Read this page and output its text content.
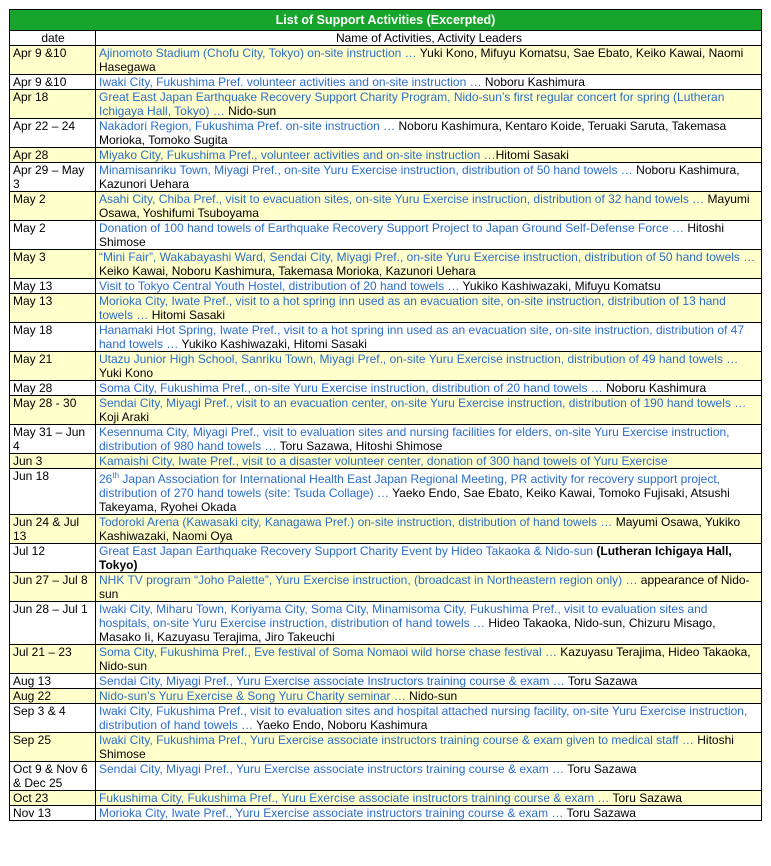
List of Support Activities (Excerpted)	
date	Name of Activities, Activity Leaders
Apr 9 &10	Ajinomoto Stadium (Chofu City, Tokyo) on-site instruction … Yuki Kono, Mifuyu Komatsu, Sae Ebato, Keiko Kawai, Naomi Hasegawa
Apr 9 &10	Iwaki City, Fukushima Pref. volunteer activities and on-site instruction … Noboru Kashimura
Apr 18	Great East Japan Earthquake Recovery Support Charity Program, Nido-sun’s first regular concert for spring (Lutheran Ichigaya Hall, Tokyo) … Nido-sun
Apr 22 – 24	Nakadori Region, Fukushima Pref. on-site instruction … Noboru Kashimura, Kentaro Koide, Teruaki Saruta, Takemasa Morioka, Tomoko Sugita
Apr 28	Miyako City, Fukushima Pref., volunteer activities and on-site instruction …Hitomi Sasaki
Apr 29 – May 3	Minamisanriku Town, Miyagi Pref., on-site Yuru Exercise instruction, distribution of 50 hand towels … Noboru Kashimura, Kazunori Uehara
May 2	Asahi City, Chiba Pref., visit to evacuation sites, on-site Yuru Exercise instruction, distribution of 32 hand towels … Mayumi Osawa, Yoshifumi Tsuboyama
May 2	Donation of 100 hand towels of Earthquake Recovery Support Project to Japan Ground Self-Defense Force … Hitoshi Shimose
May 3	“Mini Fair”, Wakabayashi Ward, Sendai City, Miyagi Pref., on-site Yuru Exercise instruction, distribution of 50 hand towels … Keiko Kawai, Noboru Kashimura, Takemasa Morioka, Kazunori Uehara
May 13	Visit to Tokyo Central Youth Hostel, distribution of 20 hand towels … Yukiko Kashiwazaki, Mifuyu Komatsu
May 13	Morioka City, Iwate Pref., visit to a hot spring inn used as an evacuation site, on-site instruction, distribution of 13 hand towels … Hitomi Sasaki
May 18	Hanamaki Hot Spring, Iwate Pref., visit to a hot spring inn used as an evacuation site, on-site instruction, distribution of 47 hand towels … Yukiko Kashiwazaki, Hitomi Sasaki
May 21	Utazu Junior High School, Sanriku Town, Miyagi Pref., on-site Yuru Exercise instruction, distribution of 49 hand towels … Yuki Kono
May 28	Soma City, Fukushima Pref., on-site Yuru Exercise instruction, distribution of 20 hand towels … Noboru Kashimura
May 28 - 30	Sendai City, Miyagi Pref., visit to an evacuation center, on-site Yuru Exercise instruction, distribution of 190 hand towels … Koji Araki
May 31 – Jun 4	Kesennuma City, Miyagi Pref., visit to evaluation sites and nursing facilities for elders, on-site Yuru Exercise instruction, distribution of 980 hand towels … Toru Sazawa, Hitoshi Shimose
Jun 3	Kamaishi City, Iwate Pref., visit to a disaster volunteer center, donation of 300 hand towels of Yuru Exercise
Jun 18	26th Japan Association for International Health East Japan Regional Meeting, PR activity for recovery support project, distribution of 270 hand towels (site: Tsuda Collage) … Yaeko Endo, Sae Ebato, Keiko Kawai, Tomoko Fujisaki, Atsushi Takeyama, Ryohei Okada
Jun 24 & Jul 13	Todoroki Arena (Kawasaki city, Kanagawa Pref.) on-site instruction, distribution of hand towels … Mayumi Osawa, Yukiko Kashiwazaki, Naomi Oya
Jul 12	Great East Japan Earthquake Recovery Support Charity Event by Hideo Takaoka & Nido-sun (Lutheran Ichigaya Hall, Tokyo)
Jun 27 – Jul 8	NHK TV program “Joho Palette”, Yuru Exercise instruction, (broadcast in Northeastern region only) … appearance of Nido-sun
Jun 28 – Jul 1	Iwaki City, Miharu Town, Koriyama City, Soma City, Minamisoma City, Fukushima Pref., visit to evaluation sites and hospitals, on-site Yuru Exercise instruction, distribution of hand towels … Hideo Takaoka, Nido-sun, Chizuru Misago, Masako Ii, Kazuyasu Terajima, Jiro Takeuchi
Jul 21 – 23	Soma City, Fukushima Pref., Eve festival of Soma Nomaoi wild horse chase festival … Kazuyasu Terajima, Hideo Takaoka, Nido-sun
Aug 13	Sendai City, Miyagi Pref., Yuru Exercise associate Instructors training course & exam … Toru Sazawa
Aug 22	Nido-sun’s Yuru Exercise & Song Yuru Charity seminar … Nido-sun
Sep 3 & 4	Iwaki City, Fukushima Pref., visit to evaluation sites and hospital attached nursing facility, on-site Yuru Exercise instruction, distribution of hand towels … Yaeko Endo, Noboru Kashimura
Sep 25	Iwaki City, Fukushima Pref., Yuru Exercise associate instructors training course & exam given to medical staff … Hitoshi Shimose
Oct 9 & Nov 6 & Dec 25	Sendai City, Miyagi Pref., Yuru Exercise associate instructors training course & exam … Toru Sazawa
Oct 23	Fukushima City, Fukushima Pref., Yuru Exercise associate instructors training course & exam … Toru Sazawa
Nov 13	Morioka City, Iwate Pref., Yuru Exercise associate instructors training course & exam … Toru Sazawa
